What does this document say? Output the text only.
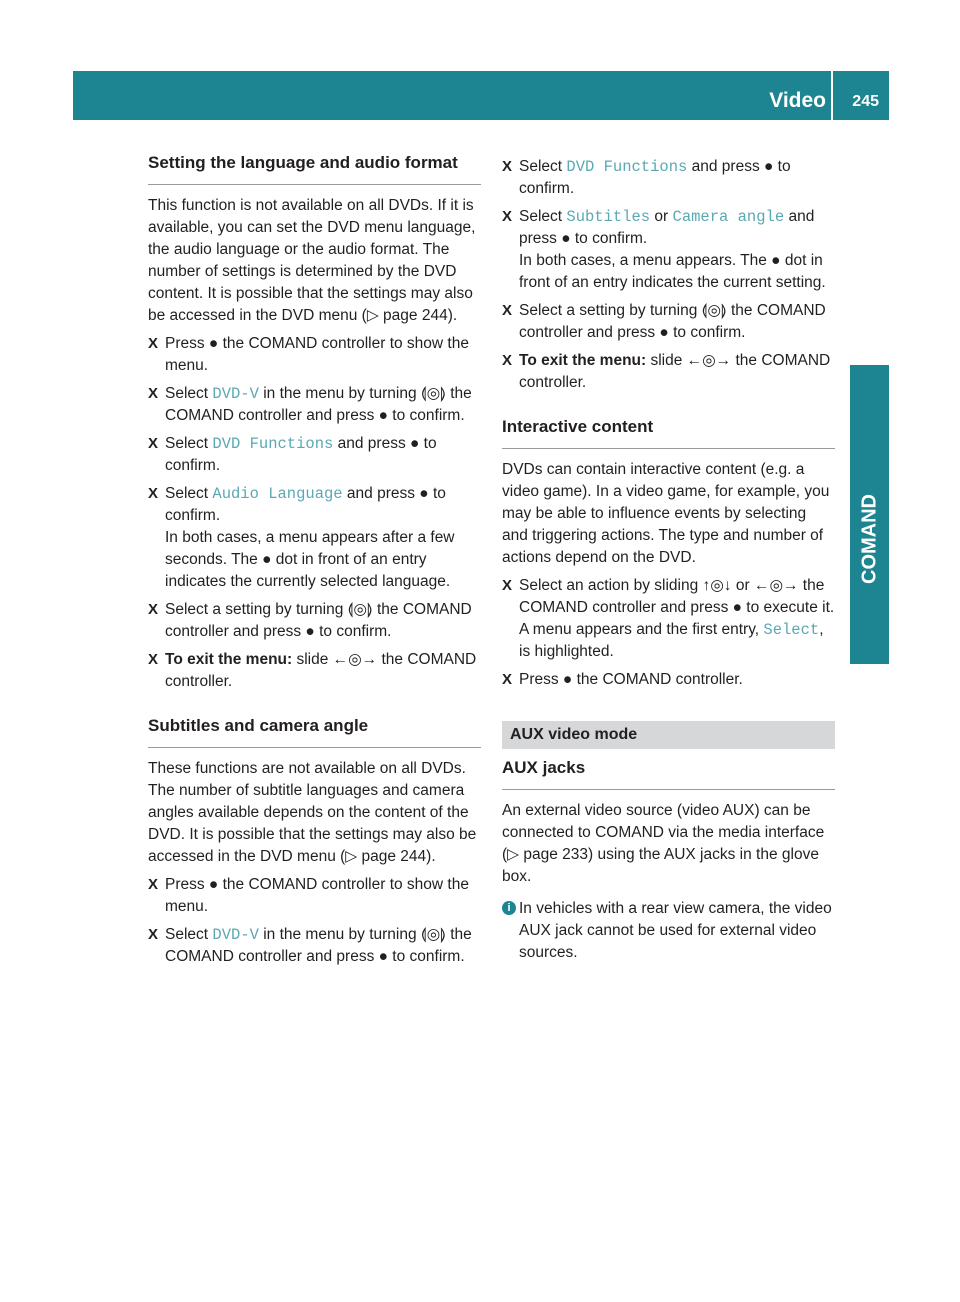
Video 245
COMAND
Setting the language and audio format

This function is not available on all DVDs. If it is available, you can set the DVD menu language, the audio language or the audio format. The number of settings is determined by the DVD content. It is possible that the settings may also be accessed in the DVD menu (▷ page 244).

X Press ● the COMAND controller to show the menu.
X Select DVD-V in the menu by turning ⟬◎⟭ the COMAND controller and press ● to confirm.
X Select DVD Functions and press ● to confirm.
X Select Audio Language and press ● to confirm.
In both cases, a menu appears after a few seconds. The ● dot in front of an entry indicates the currently selected language.
X Select a setting by turning ⟬◎⟭ the COMAND controller and press ● to confirm.
X To exit the menu: slide ←◎→ the COMAND controller.
Subtitles and camera angle

These functions are not available on all DVDs. The number of subtitle languages and camera angles available depends on the content of the DVD. It is possible that the settings may also be accessed in the DVD menu (▷ page 244).

X Press ● the COMAND controller to show the menu.
X Select DVD-V in the menu by turning ⟬◎⟭ the COMAND controller and press ● to confirm.
X Select DVD Functions and press ● to confirm.
X Select Subtitles or Camera angle and press ● to confirm.
In both cases, a menu appears. The ● dot in front of an entry indicates the current setting.
X Select a setting by turning ⟬◎⟭ the COMAND controller and press ● to confirm.
X To exit the menu: slide ←◎→ the COMAND controller.
Interactive content

DVDs can contain interactive content (e.g. a video game). In a video game, for example, you may be able to influence events by selecting and triggering actions. The type and number of actions depend on the DVD.

X Select an action by sliding ↑◎↓ or ←◎→ the COMAND controller and press ● to execute it.
A menu appears and the first entry, Select, is highlighted.
X Press ● the COMAND controller.
AUX video mode
AUX jacks

An external video source (video AUX) can be connected to COMAND via the media interface (▷ page 233) using the AUX jacks in the glove box.

i In vehicles with a rear view camera, the video AUX jack cannot be used for external video sources.
